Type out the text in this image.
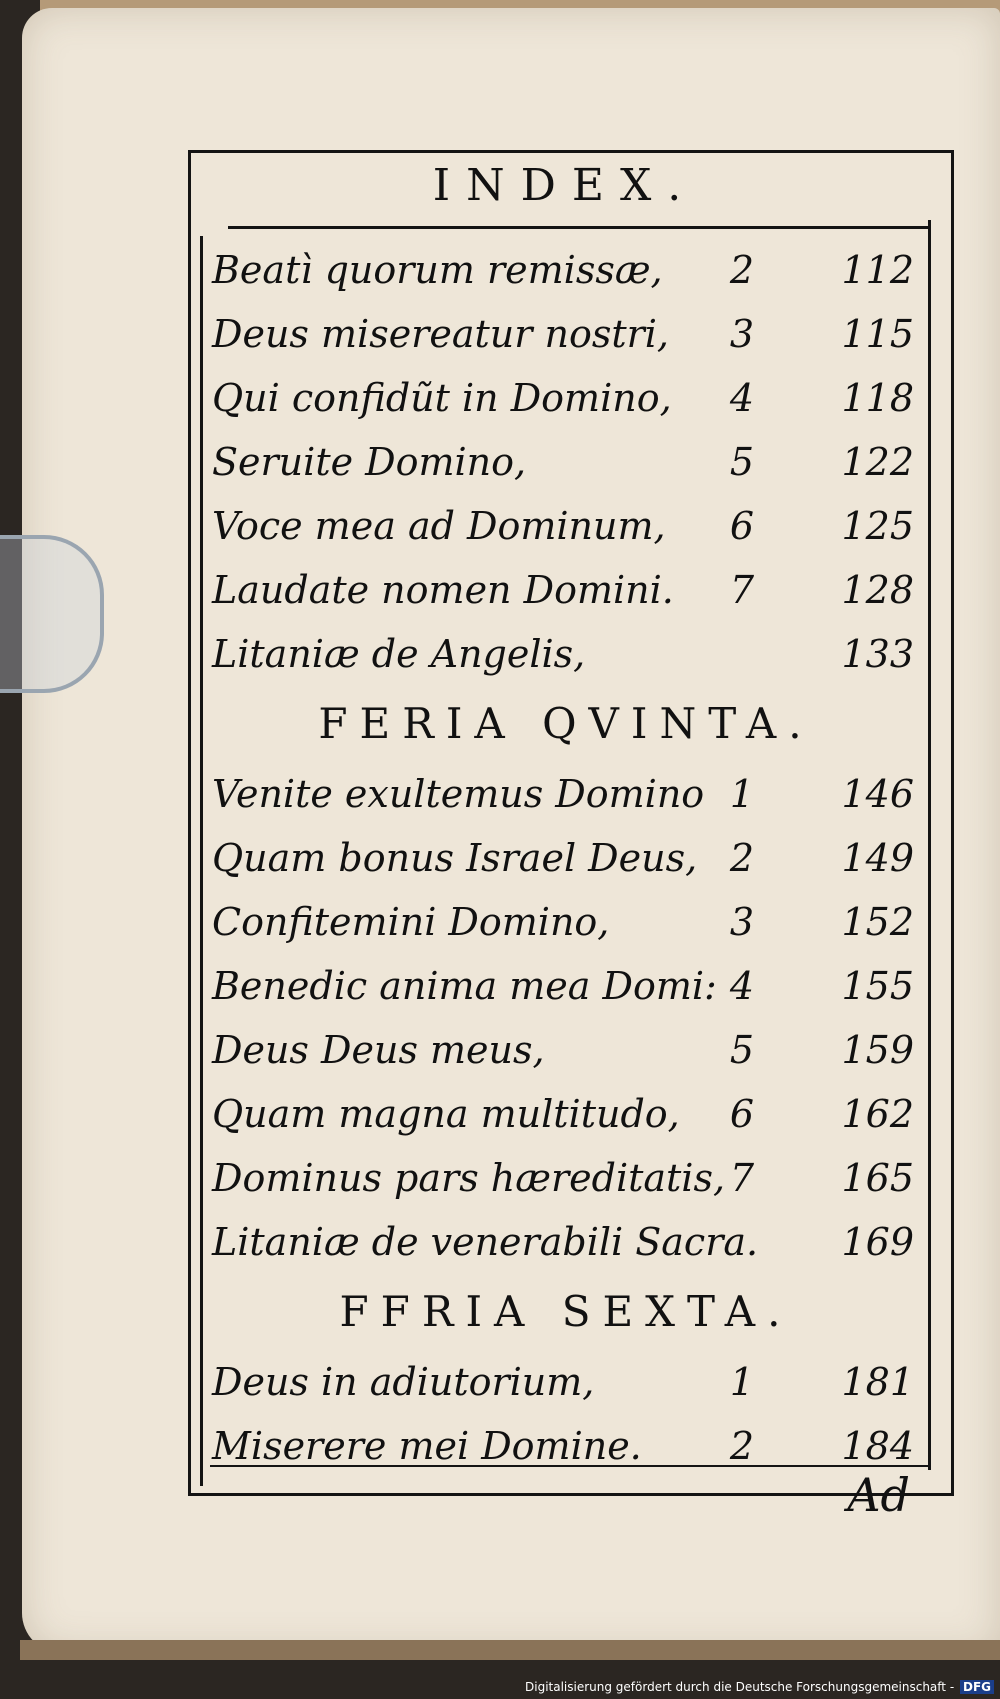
INDEX.
Beatì quorum remissæ,	2	112
Deus misereatur nostri,	3	115
Qui confidũt in Domino,	4	118
Seruite Domino,	5	122
Voce mea ad Dominum,	6	125
Laudate nomen Domini.	7	128
Litaniæ de Angelis,	133
FERIA QVINTA.
Venite exultemus Domino 1	146
Quam bonus Israel Deus, 2	149
Confitemini Domino,	3	152
Benedic anima mea Domi: 4	155
Deus Deus meus,	5	159
Quam magna multitudo,	6	162
Dominus pars hæreditatis, 7	165
Litaniæ de venerabili Sacra.	169
FFRIA SEXTA.
Deus in adiutorium,	1	181
Miserere mei Domine.	2	184
Ad
Digitalisierung gefördert durch die Deutsche Forschungsgemeinschaft - DFG
